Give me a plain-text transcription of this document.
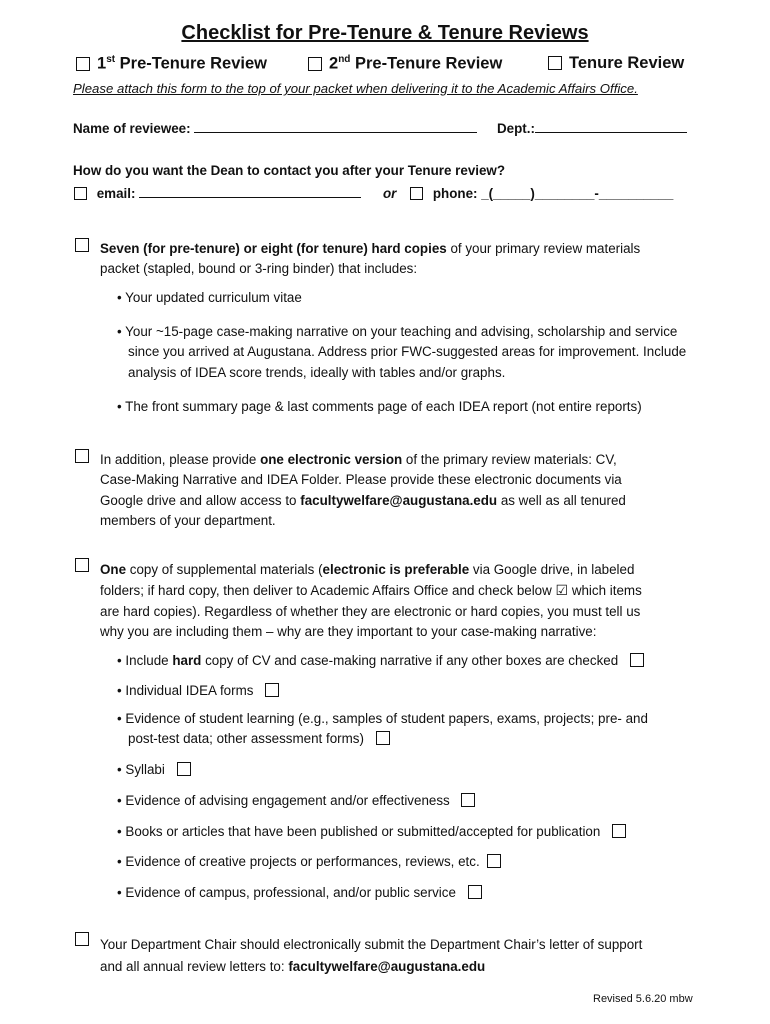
Checklist for Pre-Tenure & Tenure Reviews
1st Pre-Tenure Review	2nd Pre-Tenure Review	Tenure Review
Please attach this form to the top of your packet when delivering it to the Academic Affairs Office.
Name of reviewee:	Dept.:
How do you want the Dean to contact you after your Tenure review?
email:	or	phone: _(_____)________-__________
Seven (for pre-tenure) or eight (for tenure) hard copies of your primary review materials
packet (stapled, bound or 3-ring binder) that includes:
• Your updated curriculum vitae
• Your ~15-page case-making narrative on your teaching and advising, scholarship and service since you arrived at Augustana. Address prior FWC-suggested areas for improvement. Include analysis of IDEA score trends, ideally with tables and/or graphs.
• The front summary page & last comments page of each IDEA report (not entire reports)
In addition, please provide one electronic version of the primary review materials: CV,
Case-Making Narrative and IDEA Folder. Please provide these electronic documents via
Google drive and allow access to facultywelfare@augustana.edu as well as all tenured
members of your department.
One copy of supplemental materials (electronic is preferable via Google drive, in labeled
folders; if hard copy, then deliver to Academic Affairs Office and check below ☑ which items
are hard copies). Regardless of whether they are electronic or hard copies, you must tell us
why you are including them – why are they important to your case-making narrative:
• Include hard copy of CV and case-making narrative if any other boxes are checked
• Individual IDEA forms
• Evidence of student learning (e.g., samples of student papers, exams, projects; pre- and
post-test data; other assessment forms)
• Syllabi
• Evidence of advising engagement and/or effectiveness
• Books or articles that have been published or submitted/accepted for publication
• Evidence of creative projects or performances, reviews, etc.
• Evidence of campus, professional, and/or public service
Your Department Chair should electronically submit the Department Chair’s letter of support
and all annual review letters to: facultywelfare@augustana.edu
Revised 5.6.20 mbw
